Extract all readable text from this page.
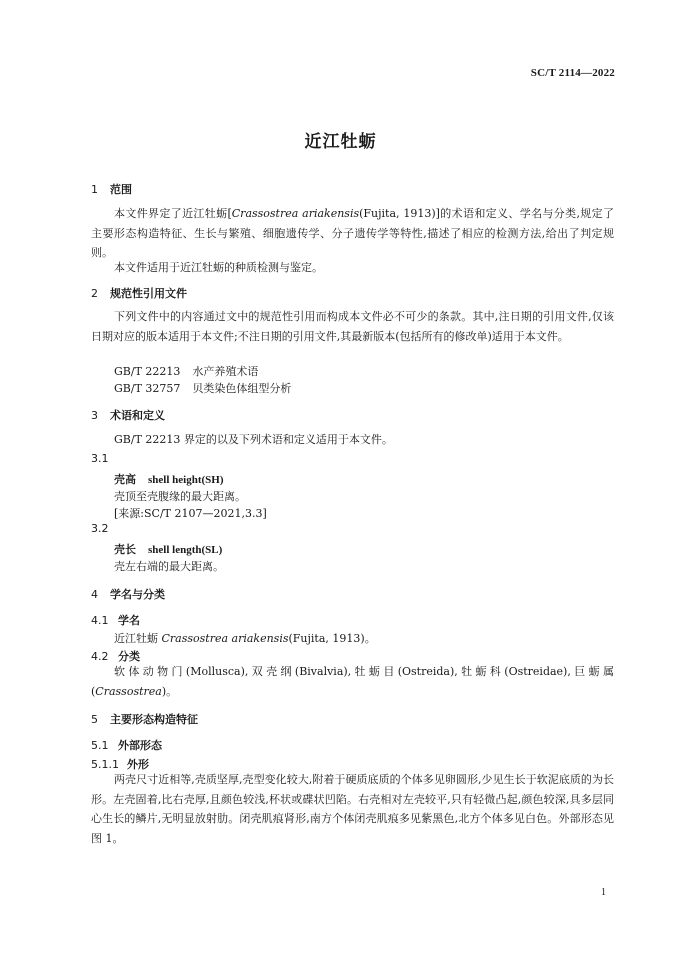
SC/T 2114—2022
近江牡蛎
1 范围
本文件界定了近江牡蛎[Crassostrea ariakensis(Fujita, 1913)]的术语和定义、学名与分类,规定了主要形态构造特征、生长与繁殖、细胞遗传学、分子遗传学等特性,描述了相应的检测方法,给出了判定规则。
本文件适用于近江牡蛎的种质检测与鉴定。
2 规范性引用文件
下列文件中的内容通过文中的规范性引用而构成本文件必不可少的条款。其中,注日期的引用文件,仅该日期对应的版本适用于本文件;不注日期的引用文件,其最新版本(包括所有的修改单)适用于本文件。
GB/T 22213 水产养殖术语
GB/T 32757 贝类染色体组型分析
3 术语和定义
GB/T 22213 界定的以及下列术语和定义适用于本文件。
3.1
壳高 shell height(SH)
壳顶至壳腹缘的最大距离。
[来源:SC/T 2107—2021,3.3]
3.2
壳长 shell length(SL)
壳左右端的最大距离。
4 学名与分类
4.1 学名
近江牡蛎 Crassostrea ariakensis(Fujita, 1913)。
4.2 分类
软体动物门(Mollusca),双壳纲(Bivalvia),牡蛎目(Ostreida),牡蛎科(Ostreidae),巨蛎属(Crassostrea)。
5 主要形态构造特征
5.1 外部形态
5.1.1 外形
两壳尺寸近相等,壳质坚厚,壳型变化较大,附着于硬质底质的个体多见卵圆形,少见生长于软泥底质的为长形。左壳固着,比右壳厚,且颜色较浅,杯状或碟状凹陷。右壳相对左壳较平,只有轻微凸起,颜色较深,具多层同心生长的鳞片,无明显放射肋。闭壳肌痕肾形,南方个体闭壳肌痕多见紫黑色,北方个体多见白色。外部形态见图 1。
1
